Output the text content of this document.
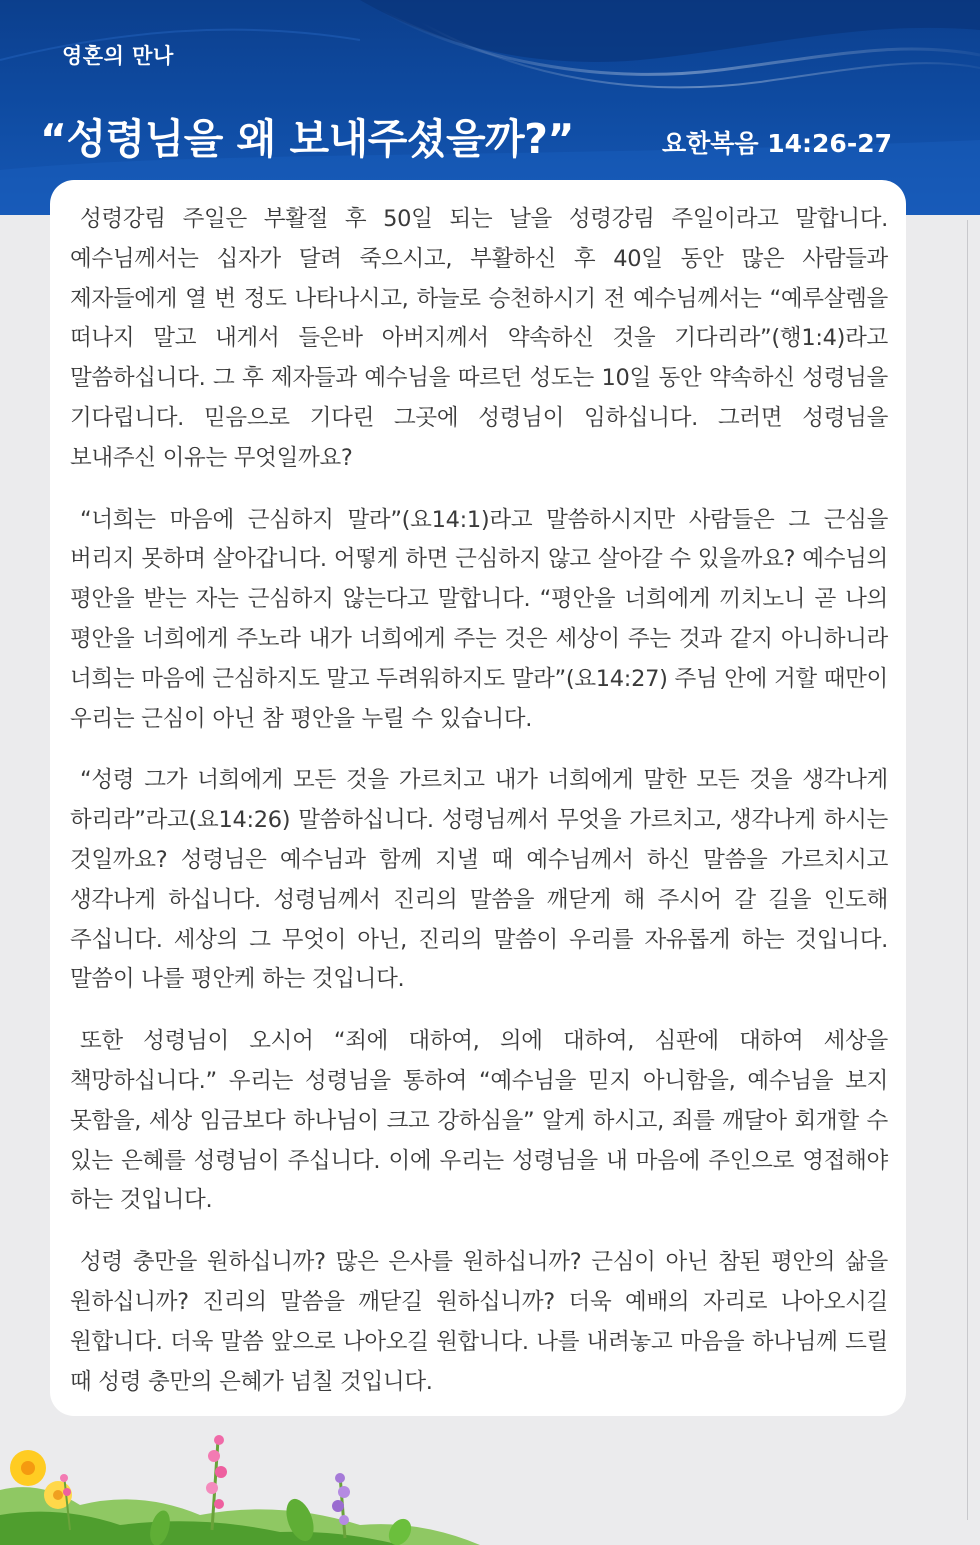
영혼의 만나
“성령님을 왜 보내주셨을까?”	요한복음 14:26-27

성령강림 주일은 부활절 후 50일 되는 날을 성령강림 주일이라고 말합니다. 예수님께서는 십자가 달려 죽으시고, 부활하신 후 40일 동안 많은 사람들과 제자들에게 열 번 정도 나타나시고, 하늘로 승천하시기 전 예수님께서는 “예루살렘을 떠나지 말고 내게서 들은바 아버지께서 약속하신 것을 기다리라”(행1:4)라고 말씀하십니다. 그 후 제자들과 예수님을 따르던 성도는 10일 동안 약속하신 성령님을 기다립니다. 믿음으로 기다린 그곳에 성령님이 임하십니다. 그러면 성령님을 보내주신 이유는 무엇일까요?

“너희는 마음에 근심하지 말라”(요14:1)라고 말씀하시지만 사람들은 그 근심을 버리지 못하며 살아갑니다. 어떻게 하면 근심하지 않고 살아갈 수 있을까요? 예수님의 평안을 받는 자는 근심하지 않는다고 말합니다. “평안을 너희에게 끼치노니 곧 나의 평안을 너희에게 주노라 내가 너희에게 주는 것은 세상이 주는 것과 같지 아니하니라 너희는 마음에 근심하지도 말고 두려워하지도 말라”(요14:27) 주님 안에 거할 때만이 우리는 근심이 아닌 참 평안을 누릴 수 있습니다.

“성령 그가 너희에게 모든 것을 가르치고 내가 너희에게 말한 모든 것을 생각나게 하리라”라고(요14:26) 말씀하십니다. 성령님께서 무엇을 가르치고, 생각나게 하시는 것일까요? 성령님은 예수님과 함께 지낼 때 예수님께서 하신 말씀을 가르치시고 생각나게 하십니다. 성령님께서 진리의 말씀을 깨닫게 해 주시어 갈 길을 인도해 주십니다. 세상의 그 무엇이 아닌, 진리의 말씀이 우리를 자유롭게 하는 것입니다. 말씀이 나를 평안케 하는 것입니다.

또한 성령님이 오시어 “죄에 대하여, 의에 대하여, 심판에 대하여 세상을 책망하십니다.” 우리는 성령님을 통하여 “예수님을 믿지 아니함을, 예수님을 보지 못함을, 세상 임금보다 하나님이 크고 강하심을” 알게 하시고, 죄를 깨달아 회개할 수 있는 은혜를 성령님이 주십니다. 이에 우리는 성령님을 내 마음에 주인으로 영접해야 하는 것입니다.

성령 충만을 원하십니까? 많은 은사를 원하십니까? 근심이 아닌 참된 평안의 삶을 원하십니까? 진리의 말씀을 깨닫길 원하십니까? 더욱 예배의 자리로 나아오시길 원합니다. 더욱 말씀 앞으로 나아오길 원합니다. 나를 내려놓고 마음을 하나님께 드릴 때 성령 충만의 은혜가 넘칠 것입니다.
